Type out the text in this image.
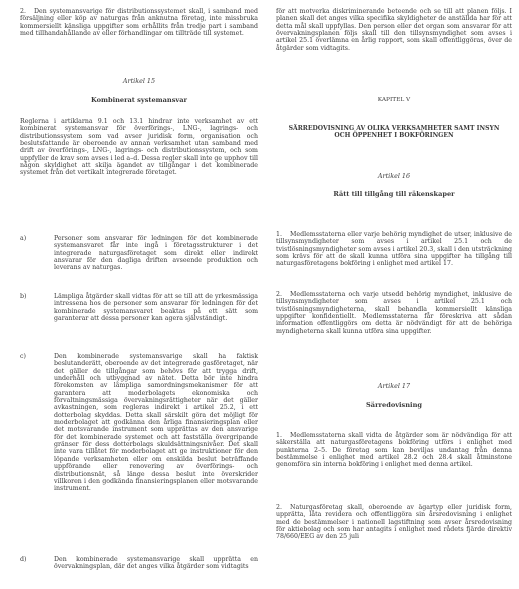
2. Den systemansvarige för distributionssystemet skall, i samband med försäljning eller köp av naturgas från anknutna företag, inte missbruka kommersiellt känsliga uppgifter som erhållits från tredje part i samband med tillhandahållande av eller förhandlingar om tillträde till systemet.

Artikel 15
Kombinerat systemansvar

Reglerna i artiklarna 9.1 och 13.1 hindrar inte verksamhet av ett kombinerat systemansvar för överförings-, LNG-, lagrings- och distributionssystem som vad avser juridisk form, organisation och beslutsfattande är oberoende av annan verksamhet utan samband med drift av överförings-, LNG-, lagrings- och distributionssystem, och som uppfyller de krav som avses i led a–d. Dessa regler skall inte ge upphov till någon skyldighet att skilja ägandet av tillgångar i det kombinerade systemet från det vertikalt integrerade företaget.

a)	Personer som ansvarar för ledningen för det kombinerade systemansvaret får inte ingå i företagsstrukturer i det integrerade naturgasföretaget som direkt eller indirekt ansvarar för den dagliga driften avseende produktion och leverans av naturgas.

b)	Lämpliga åtgärder skall vidtas för att se till att de yrkesmässiga intressena hos de personer som ansvarar för ledningen för det kombinerade systemansvaret beaktas på ett sätt som garanterar att dessa personer kan agera självständigt.

c)	Den kombinerade systemansvarige skall ha faktisk beslutanderätt, oberoende av det integrerade gasföretaget, när det gäller de tillgångar som behövs för att trygga drift, underhåll och utbyggnad av nätet. Detta bör inte hindra förekomsten av lämpliga samordningsmekanismer för att garantera att moderbolagets ekonomiska och förvaltningsmässiga övervakningsrättigheter när det gäller avkastningen, som regleras indirekt i artikel 25.2, i ett dotterbolag skyddas. Detta skall särskilt göra det möjligt för moderbolaget att godkänna den årliga finansieringsplan eller det motsvarande instrument som upprättas av den ansvarige för det kombinerade systemet och att fastställa övergripande gränser för dess dotterbolags skuldsättningsnivåer. Det skall inte vara tillåtet för moderbolaget att ge instruktioner för den löpande verksamheten eller om enskilda beslut beträffande uppförande eller renovering av överförings- och distributionsnät, så länge dessa beslut inte överskrider villkoren i den godkända finansieringsplanen eller motsvarande instrument.

d)	Den kombinerade systemansvarige skall upprätta en övervakningsplan, där det anges vilka åtgärder som vidtagits

för att motverka diskriminerande beteende och se till att planen följs. I planen skall det anges vilka specifika skyldigheter de anställda har för att detta mål skall uppfyllas. Den person eller det organ som ansvarar för att övervakningsplanen följs skall till den tillsynsmyndighet som avses i artikel 25.1 överlämna en årlig rapport, som skall offentliggöras, över de åtgärder som vidtagits.

KAPITEL V
SÄRREDOVISNING AV OLIKA VERKSAMHETER SAMT INSYN OCH ÖPPENHET I BOKFÖRINGEN
Artikel 16
Rätt till tillgång till räkenskaper

1. Medlemsstaterna eller varje behörig myndighet de utser, inklusive de tillsynsmyndigheter som avses i artikel 25.1 och de tvistlösningsmyndigheter som avses i artikel 20.3, skall i den utsträckning som krävs för att de skall kunna utföra sina uppgifter ha tillgång till naturgasföretagens bokföring i enlighet med artikel 17.

2. Medlemsstaterna och varje utsedd behörig myndighet, inklusive de tillsynsmyndigheter som avses i artikel 25.1 och tvistlösningsmyndigheterna, skall behandla kommersiellt känsliga uppgifter konfidentiellt. Medlemsstaterna får föreskriva att sådan information offentliggörs om detta är nödvändigt för att de behöriga myndigheterna skall kunna utföra sina uppgifter.

Artikel 17
Särredovisning

1. Medlemsstaterna skall vidta de åtgärder som är nödvändiga för att säkerställa att naturgasföretagens bokföring utförs i enlighet med punkterna 2–5. De företag som kan beviljas undantag från denna bestämmelse i enlighet med artikel 28.2 och 28.4 skall åtminstone genomföra sin interna bokföring i enlighet med denna artikel.

2. Naturgasföretag skall, oberoende av ägartyp eller juridisk form, upprätta, låta revidera och offentliggöra sin årsredovisning i enlighet med de bestämmelser i nationell lagstiftning som avser årsredovisning för aktiebolag och som har antagits i enlighet med rådets fjärde direktiv 78/660/EEG av den 25 juli
